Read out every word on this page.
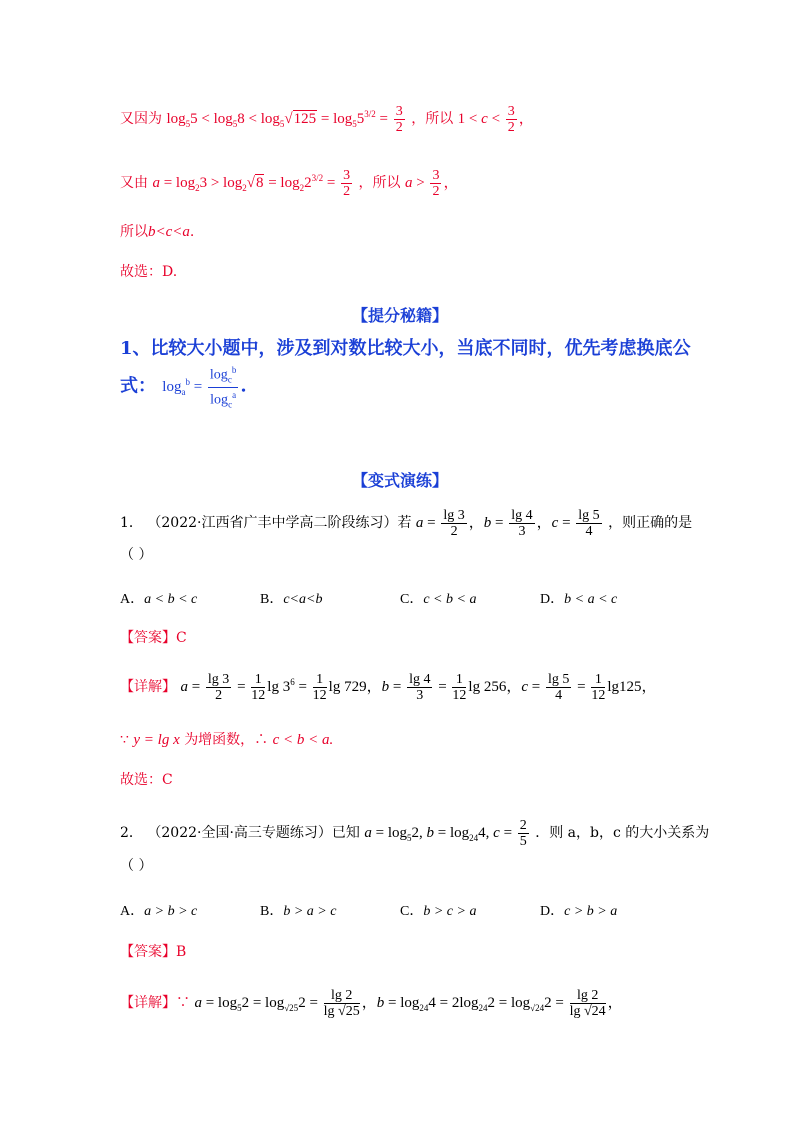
又因为 $\log_55 < \log_58 < \log_5√125 = \log_55^{3/2} = \frac{3}{2}$ ，所以 $1 < c < \frac{3}{2}$ ，
又由 $a = \log_23 > \log_2√8 = \log_22^{3/2} = \frac{3}{2}$ ，所以 $a > \frac{3}{2}$ ，
所以b<c<a.
故选：D.
【提分秘籍】
1、比较大小题中，涉及到对数比较大小，当底不同时，优先考虑换底公式： $\log_a^b = \frac{\log_c^b}{\log_c^a}$ .
【变式演练】
1． （2022·江西省广丰中学高二阶段练习）若 $a = \frac{\lg 3}{2}$ ，$b = \frac{\lg 4}{3}$ ，$c = \frac{\lg 5}{4}$ ，则正确的是
（ ）
A．a < b < c	B．c<a<b	C．c < b < a	D．b < a < c
【答案】C
【详解】 $a = \frac{\lg 3}{2} = \frac{1}{12}$ $\lg 3^6 = \frac{1}{12}$ lg 729，$b = \frac{\lg 4}{3} = \frac{1}{12}$ lg 256，$c = \frac{\lg 5}{4} = \frac{1}{12} \lg 125$，
∵ y = lg x 为增函数，∴ c < b < a.
故选：C
2． （2022·全国·高三专题练习）已知 $a = \log_52$, $b = \log_{24}4$, $c = \frac{2}{5}$ ．则 a，b，c 的大小关系为
（ ）
A．a > b > c	B．b > a > c	C．b > c > a	D．c > b > a
【答案】B
【详解】∵ $a = \log_52 = \log_{√25}2 = \frac{\lg 2}{\lg √25}$ ，$b = \log_{24}4 = 2\log_{24}2 = \log_{√24}2 = \frac{\lg 2}{\lg √24}$ ，
